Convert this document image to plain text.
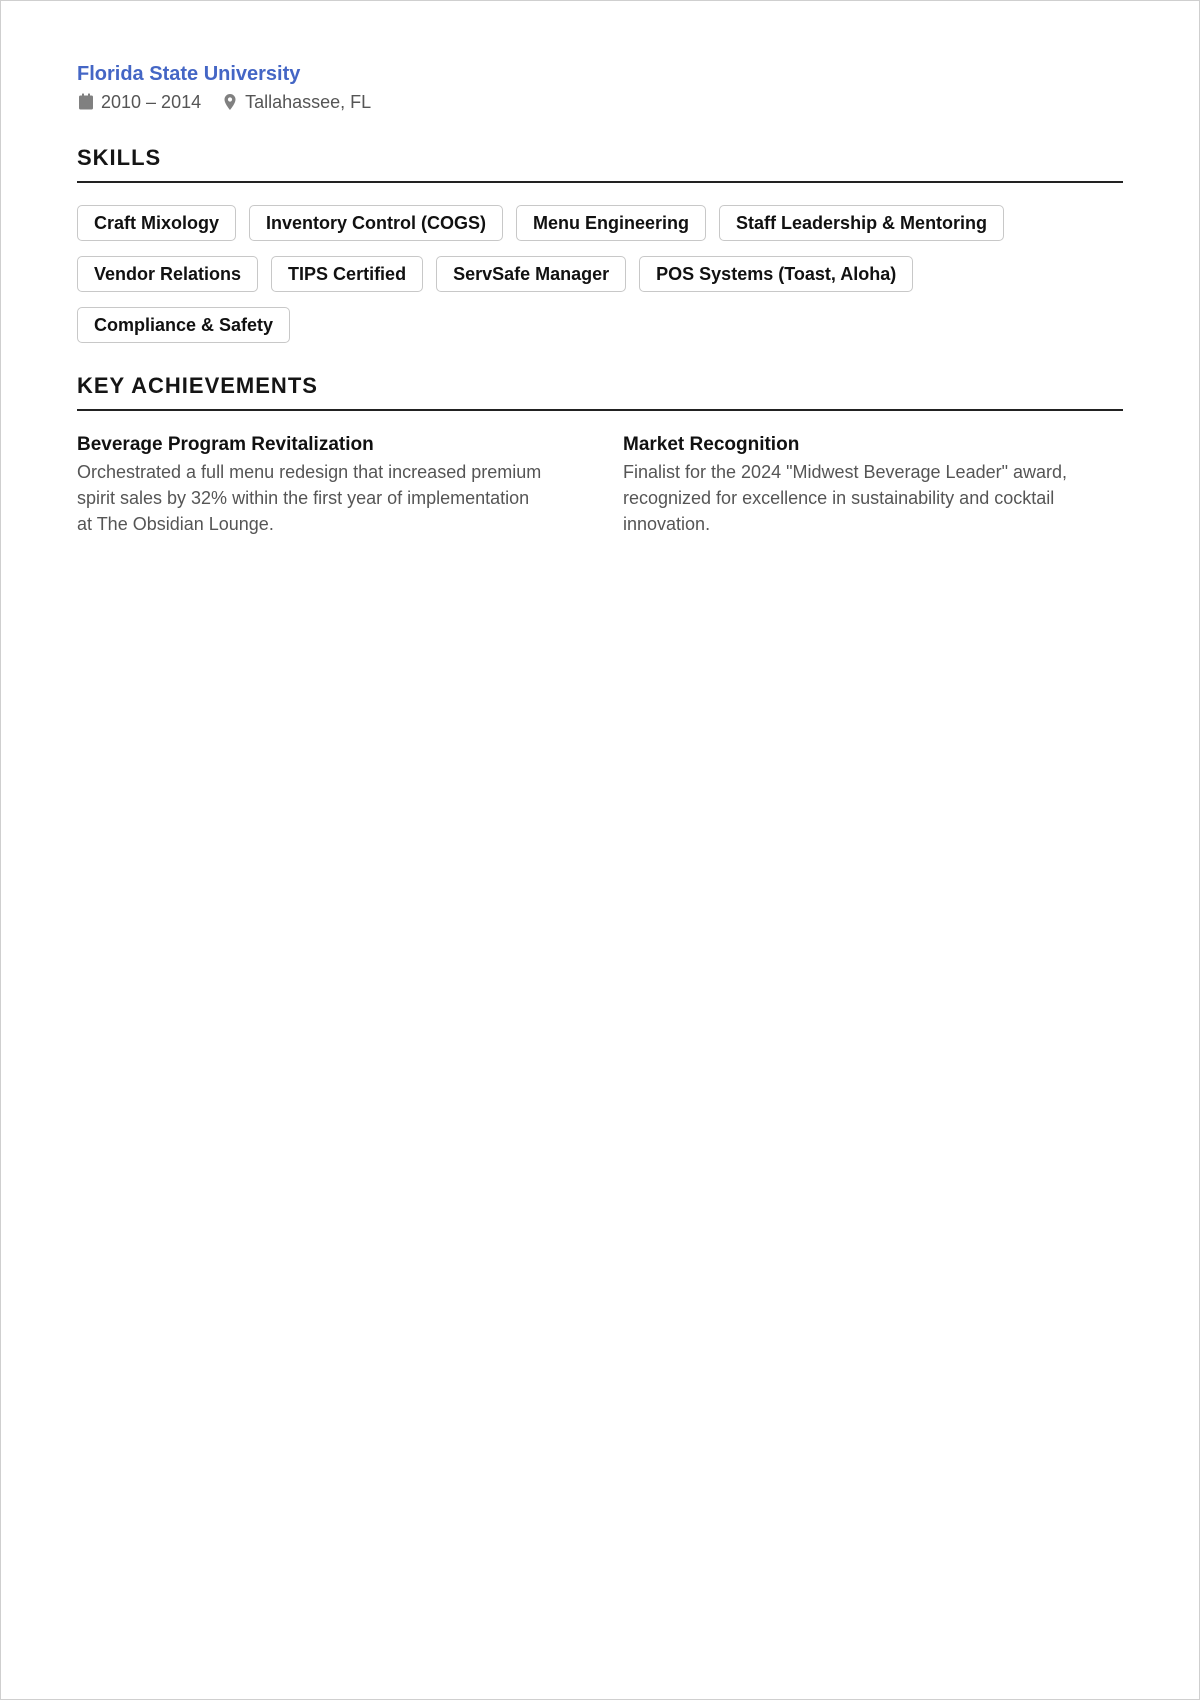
Florida State University
2010 – 2014 Tallahassee, FL
SKILLS
Craft Mixology	Inventory Control (COGS)	Menu Engineering	Staff Leadership & Mentoring
Vendor Relations	TIPS Certified	ServSafe Manager	POS Systems (Toast, Aloha)
Compliance & Safety
KEY ACHIEVEMENTS
Beverage Program Revitalization
Orchestrated a full menu redesign that increased premium spirit sales by 32% within the first year of implementation at The Obsidian Lounge.
Market Recognition
Finalist for the 2024 "Midwest Beverage Leader" award, recognized for excellence in sustainability and cocktail innovation.
